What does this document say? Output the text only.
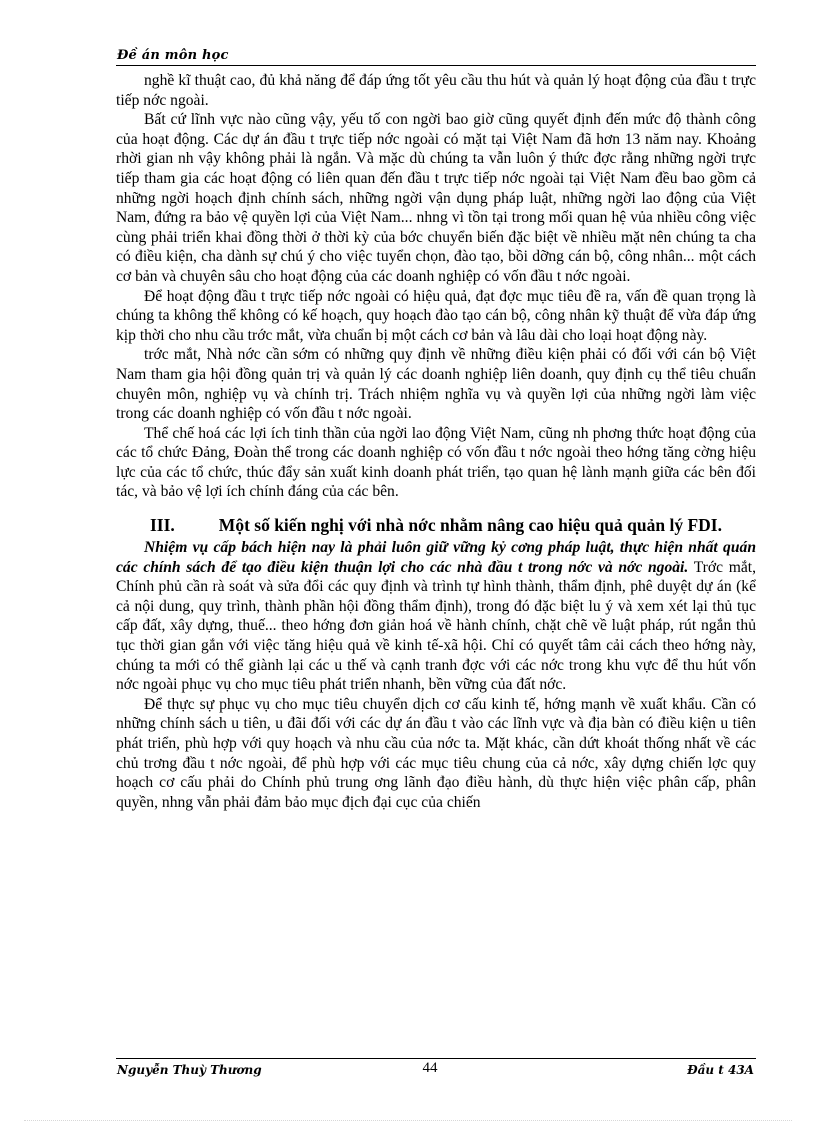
Đề án môn học

nghề kĩ thuật cao, đủ khả năng để đáp ứng tốt yêu cầu thu hút và quản lý hoạt động của đầu t trực tiếp nớc ngoài.

Bất cứ lĩnh vực nào cũng vậy, yếu tố con ngời bao giờ cũng quyết định đến mức độ thành công của hoạt động. Các dự án đầu t trực tiếp nớc ngoài có mặt tại Việt Nam đã hơn 13 năm nay. Khoảng rhời gian nh vậy không phải là ngắn. Và mặc dù chúng ta vẫn luôn ý thức đợc rằng những ngời trực tiếp tham gia các hoạt động có liên quan đến đầu t trực tiếp nớc ngoài tại Việt Nam đều bao gồm cả những ngời hoạch định chính sách, những ngời vận dụng pháp luật, những ngời lao động của Việt Nam, đứng ra bảo vệ quyền lợi của Việt Nam... nhng vì tồn tại trong mối quan hệ vủa nhiều công việc cùng phải triển khai đồng thời ở thời kỳ của bớc chuyển biến đặc biệt về nhiều mặt nên chúng ta cha có điều kiện, cha dành sự chú ý cho việc tuyển chọn, đào tạo, bồi dỡng cán bộ, công nhân... một cách cơ bản và chuyên sâu cho hoạt động của các doanh nghiệp có vốn đầu t nớc ngoài.

Để hoạt động đầu t trực tiếp nớc ngoài có hiệu quả, đạt đợc mục tiêu đề ra, vấn đề quan trọng là chúng ta không thể không có kế hoạch, quy hoạch đào tạo cán bộ, công nhân kỹ thuật để vừa đáp ứng kịp thời cho nhu cầu trớc mắt, vừa chuẩn bị một cách cơ bản và lâu dài cho loại hoạt động này.

trớc mắt, Nhà nớc cần sớm có những quy định về những điều kiện phải có đối với cán bộ Việt Nam tham gia hội đồng quản trị và quản lý các doanh nghiệp liên doanh, quy định cụ thể tiêu chuẩn chuyên môn, nghiệp vụ và chính trị. Trách nhiệm nghĩa vụ và quyền lợi của những ngời làm việc trong các doanh nghiệp có vốn đầu t nớc ngoài.

Thể chế hoá các lợi ích tinh thần của ngời lao động Việt Nam, cũng nh phơng thức hoạt động của các tổ chức Đảng, Đoàn thể trong các doanh nghiệp có vốn đầu t nớc ngoài theo hớng tăng cờng hiệu lực của các tổ chức, thúc đẩy sản xuất kinh doanh phát triển, tạo quan hệ lành mạnh giữa các bên đối tác, và bảo vệ lợi ích chính đáng của các bên.

III.	Một số kiến nghị với nhà nớc nhằm nâng cao hiệu quả quản lý FDI.

Nhiệm vụ cấp bách hiện nay là phải luôn giữ vững kỷ cơng pháp luật, thực hiện nhất quán các chính sách để tạo điều kiện thuận lợi cho các nhà đầu t trong nớc và nớc ngoài. Trớc mắt, Chính phủ cần rà soát và sửa đổi các quy định và trình tự hình thành, thẩm định, phê duyệt dự án (kể cả nội dung, quy trình, thành phần hội đồng thẩm định), trong đó đặc biệt lu ý và xem xét lại thủ tục cấp đất, xây dựng, thuế... theo hớng đơn giản hoá về hành chính, chặt chẽ về luật pháp, rút ngắn thủ tục thời gian gắn với việc tăng hiệu quả về kinh tế-xã hội. Chỉ có quyết tâm cải cách theo hớng này, chúng ta mới có thể giành lại các u thế và cạnh tranh đợc với các nớc trong khu vực để thu hút vốn nớc ngoài phục vụ cho mục tiêu phát triển nhanh, bền vững của đất nớc.

Để thực sự phục vụ cho mục tiêu chuyển dịch cơ cấu kinh tế, hớng mạnh về xuất khẩu. Cần có những chính sách u tiên, u đãi đối với các dự án đầu t vào các lĩnh vực và địa bàn có điều kiện u tiên phát triển, phù hợp với quy hoạch và nhu cầu của nớc ta. Mặt khác, cần dứt khoát thống nhất về các chủ trơng đầu t nớc ngoài, để phù hợp với các mục tiêu chung của cả nớc, xây dựng chiến lợc quy hoạch cơ cấu phải do Chính phủ trung ơng lãnh đạo điều hành, dù thực hiện việc phân cấp, phân quyền, nhng vẫn phải đảm bảo mục địch đại cục của chiến

Nguyễn Thuỳ Thương	44	Đầu t 43A
